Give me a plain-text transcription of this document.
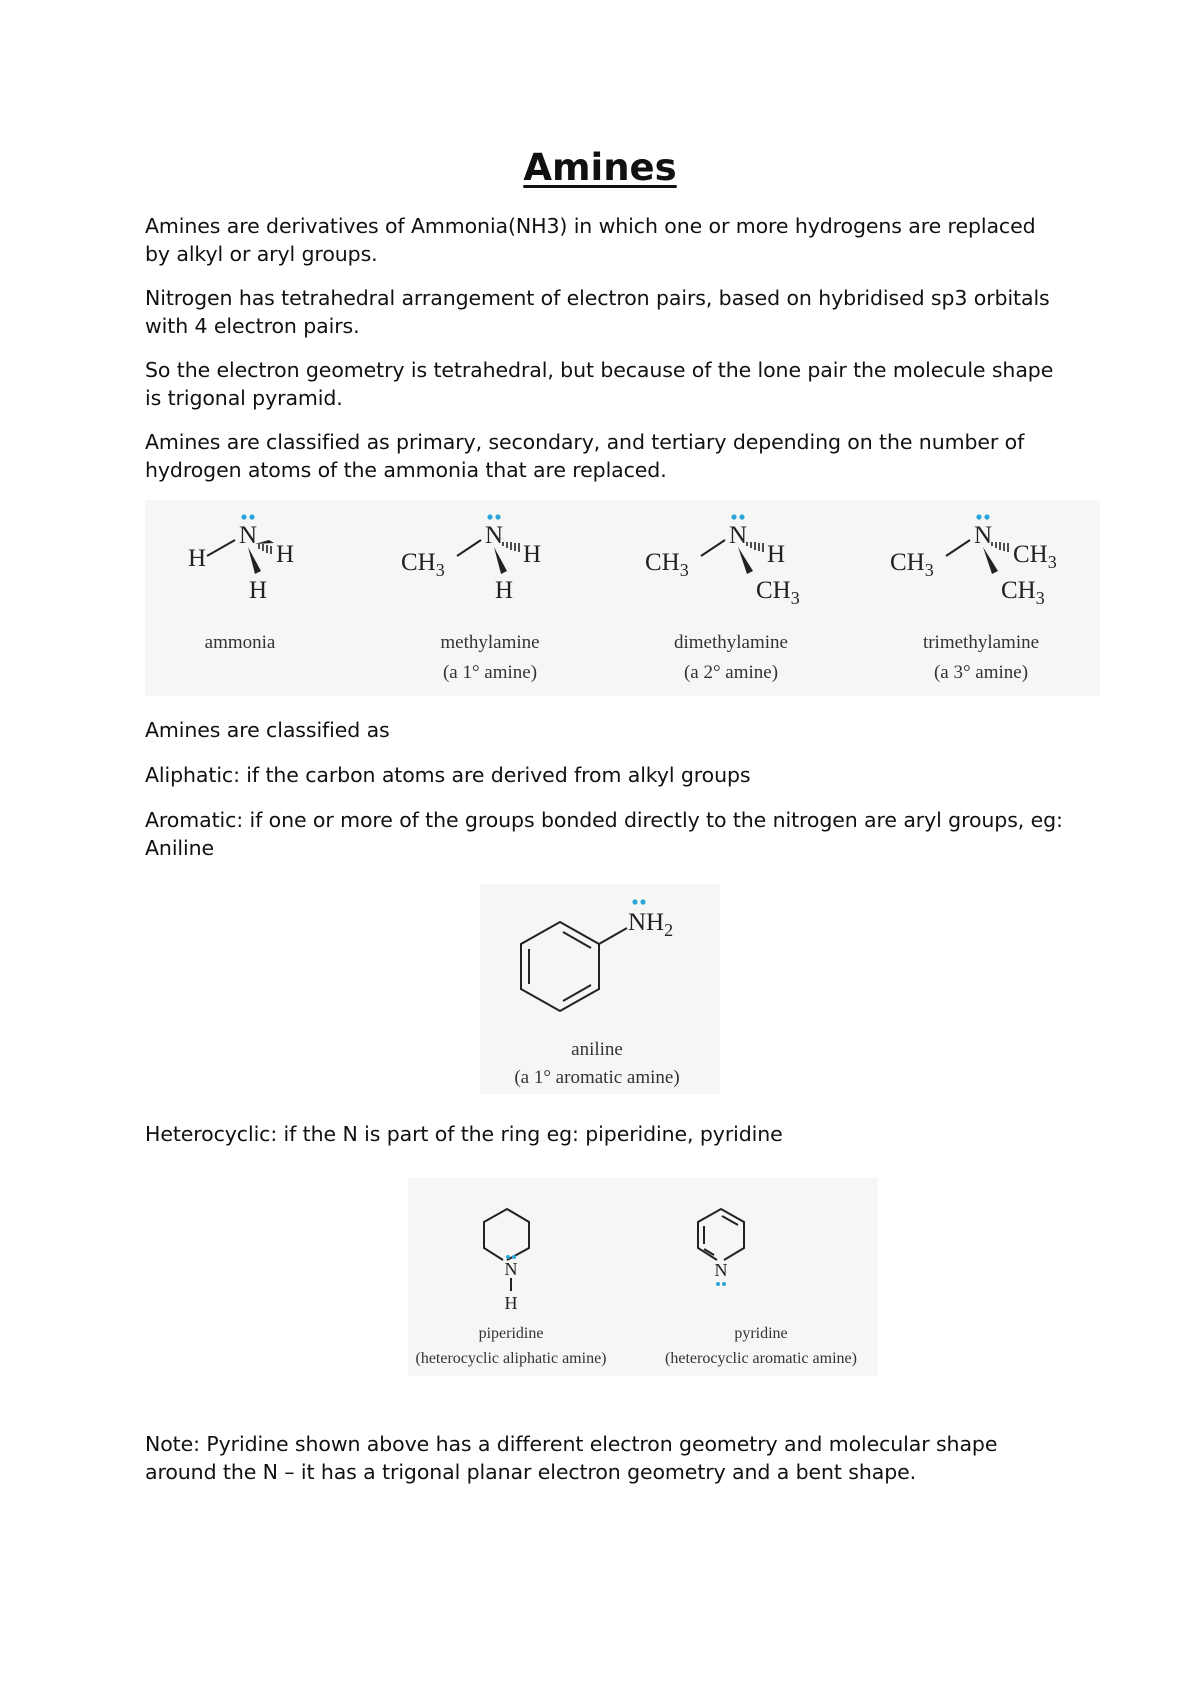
Amines
Amines are derivatives of Ammonia(NH3) in which one or more hydrogens are replaced by alkyl or aryl groups.
Nitrogen has tetrahedral arrangement of electron pairs, based on hybridised sp3 orbitals with 4 electron pairs.
So the electron geometry is tetrahedral, but because of the lone pair the molecule shape is trigonal pyramid.
Amines are classified as primary, secondary, and tertiary depending on the number of hydrogen atoms of the ammonia that are replaced.
N
H	H
H
ammonia
N
$CH_3$
H
H
methylamine
(a 1° amine)
N
$CH_3$
H
$CH_3$
dimethylamine
(a 2° amine)
N
$CH_3$
$CH_3$
$CH_3$
trimethylamine
(a 3° amine)
Amines are classified as
Aliphatic: if the carbon atoms are derived from alkyl groups
Aromatic: if one or more of the groups bonded directly to the nitrogen are aryl groups, eg: Aniline
$NH_2$
aniline
(a 1° aromatic amine)
Heterocyclic: if the N is part of the ring eg: piperidine, pyridine
N
H
piperidine
(heterocyclic aliphatic amine)
N
pyridine
(heterocyclic aromatic amine)
Note: Pyridine shown above has a different electron geometry and molecular shape around the N – it has a trigonal planar electron geometry and a bent shape.
